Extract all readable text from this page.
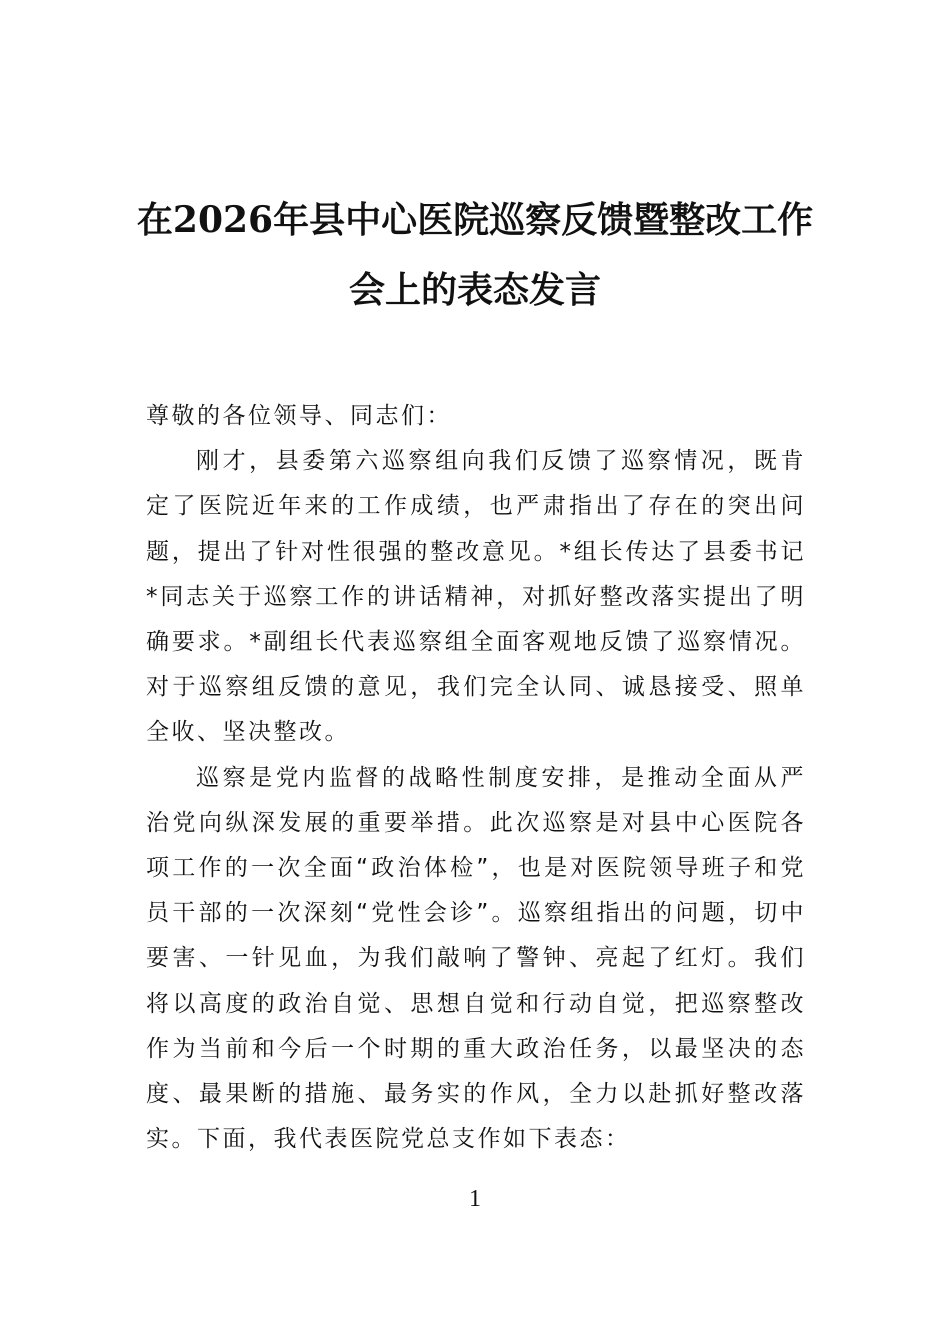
在2026年县中心医院巡察反馈暨整改工作
会上的表态发言

尊敬的各位领导、同志们：

刚才，县委第六巡察组向我们反馈了巡察情况，既肯定了医院近年来的工作成绩，也严肃指出了存在的突出问题，提出了针对性很强的整改意见。*组长传达了县委书记*同志关于巡察工作的讲话精神，对抓好整改落实提出了明确要求。*副组长代表巡察组全面客观地反馈了巡察情况。对于巡察组反馈的意见，我们完全认同、诚恳接受、照单全收、坚决整改。

巡察是党内监督的战略性制度安排，是推动全面从严治党向纵深发展的重要举措。此次巡察是对县中心医院各项工作的一次全面“政治体检”，也是对医院领导班子和党员干部的一次深刻“党性会诊”。巡察组指出的问题，切中要害、一针见血，为我们敲响了警钟、亮起了红灯。我们将以高度的政治自觉、思想自觉和行动自觉，把巡察整改作为当前和今后一个时期的重大政治任务，以最坚决的态度、最果断的措施、最务实的作风，全力以赴抓好整改落实。下面，我代表医院党总支作如下表态：

1
